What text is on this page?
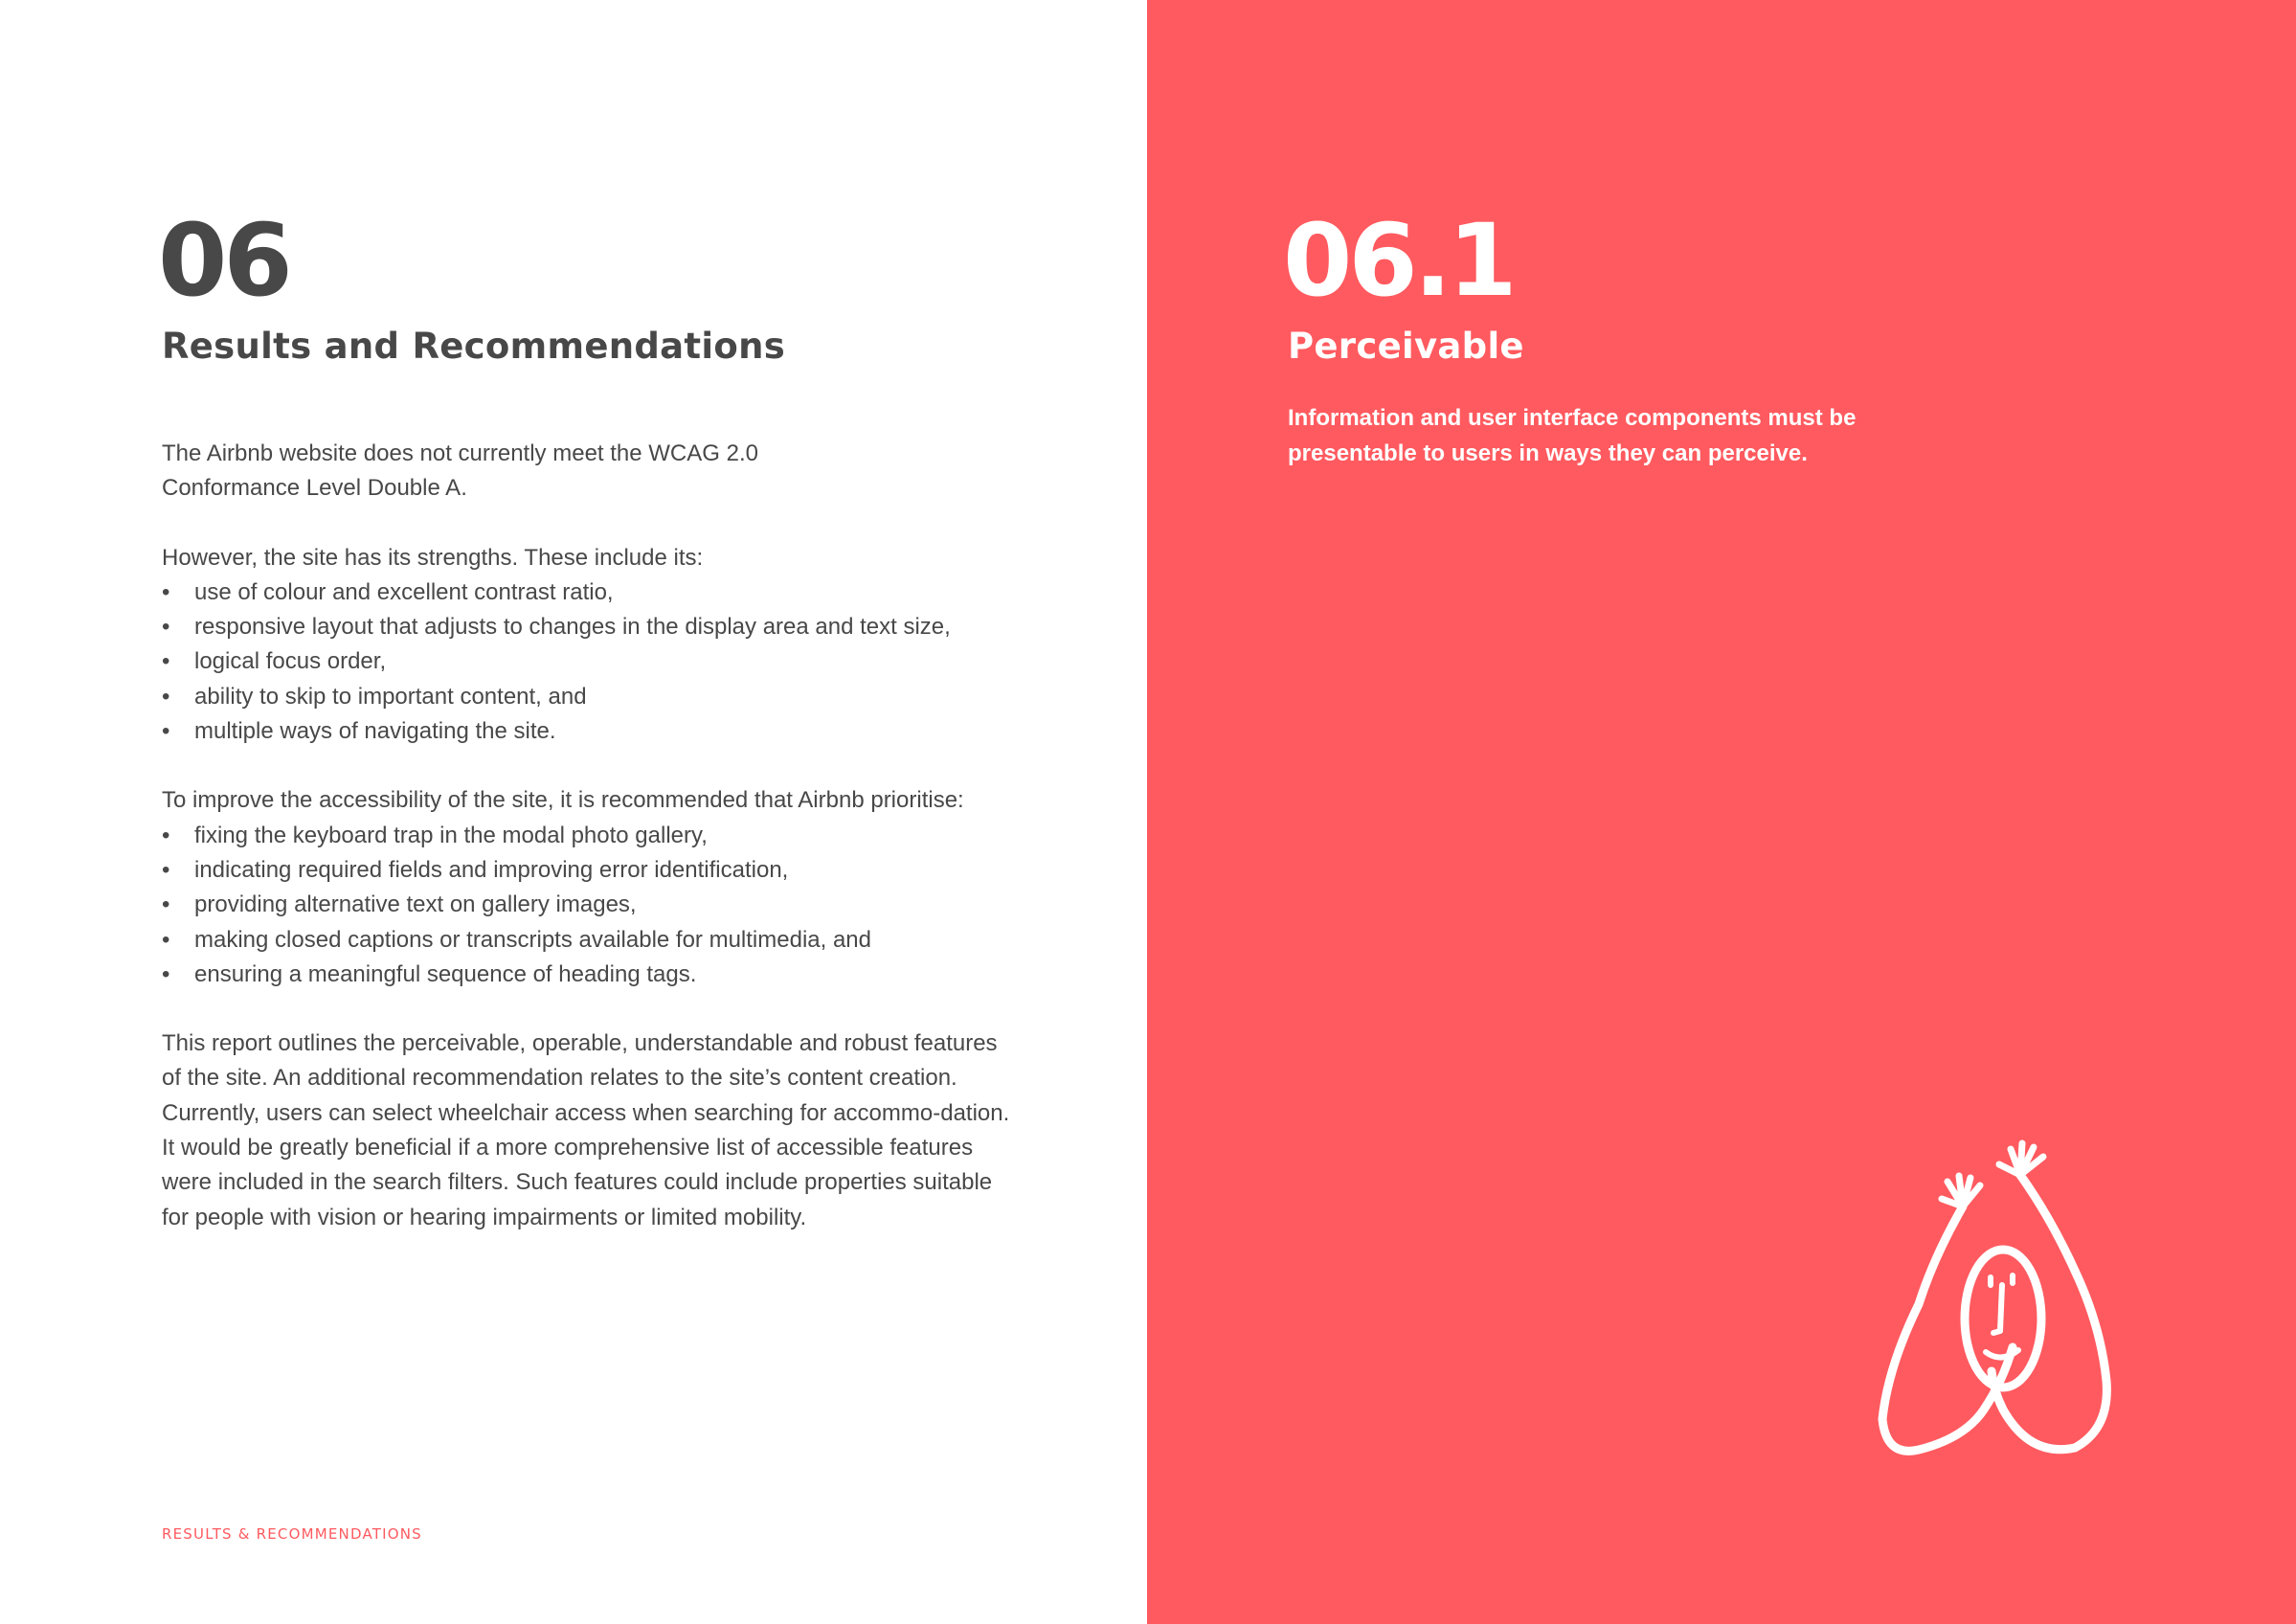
06
Results and Recommendations

The Airbnb website does not currently meet the WCAG 2.0 Conformance Level Double A.

However, the site has its strengths. These include its:

• use of colour and excellent contrast ratio,
• responsive layout that adjusts to changes in the display area and text size,
• logical focus order,
• ability to skip to important content, and
• multiple ways of navigating the site.

To improve the accessibility of the site, it is recommended that Airbnb prioritise:

• fixing the keyboard trap in the modal photo gallery,
• indicating required fields and improving error identification,
• providing alternative text on gallery images,
• making closed captions or transcripts available for multimedia, and
• ensuring a meaningful sequence of heading tags.

This report outlines the perceivable, operable, understandable and robust features of the site. An additional recommendation relates to the site’s content creation. Currently, users can select wheelchair access when searching for accommo-dation. It would be greatly beneficial if a more comprehensive list of accessible features were included in the search filters. Such features could include properties suitable for people with vision or hearing impairments or limited mobility.

RESULTS & RECOMMENDATIONS

06.1
Perceivable

Information and user interface components must be presentable to users in ways they can perceive.
